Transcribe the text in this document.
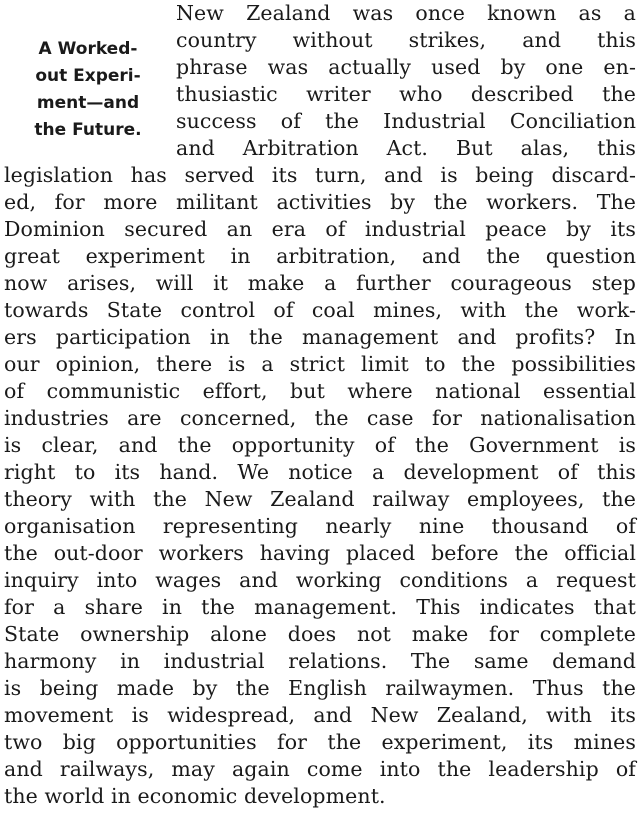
A Worked-
out Experi-
ment—and
the Future.
New Zealand was once known as a
country without strikes, and this
phrase was actually used by one en-
thusiastic writer who described the
success of the Industrial Conciliation
and Arbitration Act. But alas, this
legislation has served its turn, and is being discard-
ed, for more militant activities by the workers. The
Dominion secured an era of industrial peace by its
great experiment in arbitration, and the question
now arises, will it make a further courageous step
towards State control of coal mines, with the work-
ers participation in the management and profits? In
our opinion, there is a strict limit to the possibilities
of communistic effort, but where national essential
industries are concerned, the case for nationalisation
is clear, and the opportunity of the Government is
right to its hand. We notice a development of this
theory with the New Zealand railway employees, the
organisation representing nearly nine thousand of
the out-door workers having placed before the official
inquiry into wages and working conditions a request
for a share in the management. This indicates that
State ownership alone does not make for complete
harmony in industrial relations. The same demand
is being made by the English railwaymen. Thus the
movement is widespread, and New Zealand, with its
two big opportunities for the experiment, its mines
and railways, may again come into the leadership of
the world in economic development.
